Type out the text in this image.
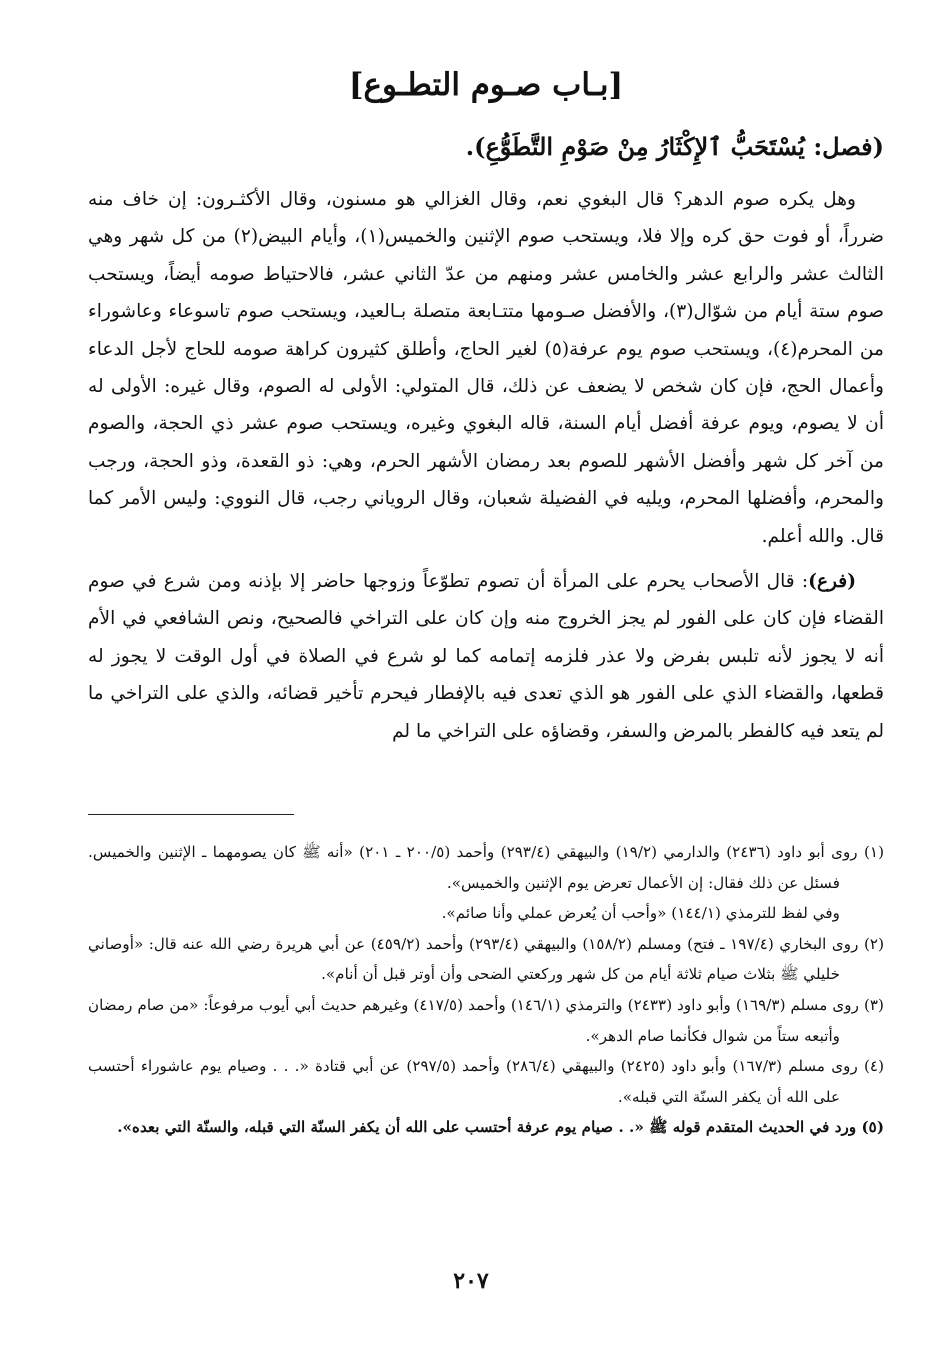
[بـاب صـوم التطـوع]
(فصل: يُسْتَحَبُّ ٱلإِكْثَارُ مِنْ صَوْمِ التَّطَوُّعِ).

وهل يكره صوم الدهر؟ قال البغوي نعم، وقال الغزالي هو مسنون، وقال الأكثـرون: إن خاف منه ضرراً، أو فوت حق كره وإلا فلا، ويستحب صوم الإثنين والخميس(١)، وأيام البيض(٢) من كل شهر وهي الثالث عشر والرابع عشر والخامس عشر ومنهم من عدّ الثاني عشر، فالاحتياط صومه أيضاً، ويستحب صوم ستة أيام من شوّال(٣)، والأفضل صـومها متتـابعة متصلة بـالعيد، ويستحب صوم تاسوعاء وعاشوراء من المحرم(٤)، ويستحب صوم يوم عرفة(٥) لغير الحاج، وأطلق كثيرون كراهة صومه للحاج لأجل الدعاء وأعمال الحج، فإن كان شخص لا يضعف عن ذلك، قال المتولي: الأولى له الصوم، وقال غيره: الأولى له أن لا يصوم، ويوم عرفة أفضل أيام السنة، قاله البغوي وغيره، ويستحب صوم عشر ذي الحجة، والصوم من آخر كل شهر وأفضل الأشهر للصوم بعد رمضان الأشهر الحرم، وهي: ذو القعدة، وذو الحجة، ورجب والمحرم، وأفضلها المحرم، ويليه في الفضيلة شعبان، وقال الروياني رجب، قال النووي: وليس الأمر كما قال. والله أعلم.

(فرع): قال الأصحاب يحرم على المرأة أن تصوم تطوّعاً وزوجها حاضر إلا بإذنه ومن شرع في صوم القضاء فإن كان على الفور لم يجز الخروج منه وإن كان على التراخي فالصحيح، ونص الشافعي في الأم أنه لا يجوز لأنه تلبس بفرض ولا عذر فلزمه إتمامه كما لو شرع في الصلاة في أول الوقت لا يجوز له قطعها، والقضاء الذي على الفور هو الذي تعدى فيه بالإفطار فيحرم تأخير قضائه، والذي على التراخي ما لم يتعد فيه كالفطر بالمرض والسفر، وقضاؤه على التراخي ما لم

(١) روى أبو داود (٢٤٣٦) والدارمي (١٩/٢) والبيهقي (٢٩٣/٤) وأحمد (٢٠٠/٥ ـ ٢٠١) «أنه ﷺ كان يصومهما ـ الإثنين والخميس. فسئل عن ذلك فقال: إن الأعمال تعرض يوم الإثنين والخميس».

وفي لفظ للترمذي (١٤٤/١) «وأحب أن يُعرض عملي وأنا صائم».

(٢) روى البخاري (١٩٧/٤ ـ فتح) ومسلم (١٥٨/٢) والبيهقي (٢٩٣/٤) وأحمد (٤٥٩/٢) عن أبي هريرة رضي الله عنه قال: «أوصاني خليلي ﷺ بثلاث صيام ثلاثة أيام من كل شهر وركعتي الضحى وأن أوتر قبل أن أنام».

(٣) روى مسلم (١٦٩/٣) وأبو داود (٢٤٣٣) والترمذي (١٤٦/١) وأحمد (٤١٧/٥) وغيرهم حديث أبي أيوب مرفوعاً: «من صام رمضان وأتبعه ستاً من شوال فكأنما صام الدهر».

(٤) روى مسلم (١٦٧/٣) وأبو داود (٢٤٢٥) والبيهقي (٢٨٦/٤) وأحمد (٢٩٧/٥) عن أبي قتادة «. . . وصيام يوم عاشوراء أحتسب على الله أن يكفر السنّة التي قبله».

(٥) ورد في الحديث المتقدم قوله ﷺ «. . صيام يوم عرفة أحتسب على الله أن يكفر السنّة التي قبله، والسنّة التي بعده».

٢٠٧
